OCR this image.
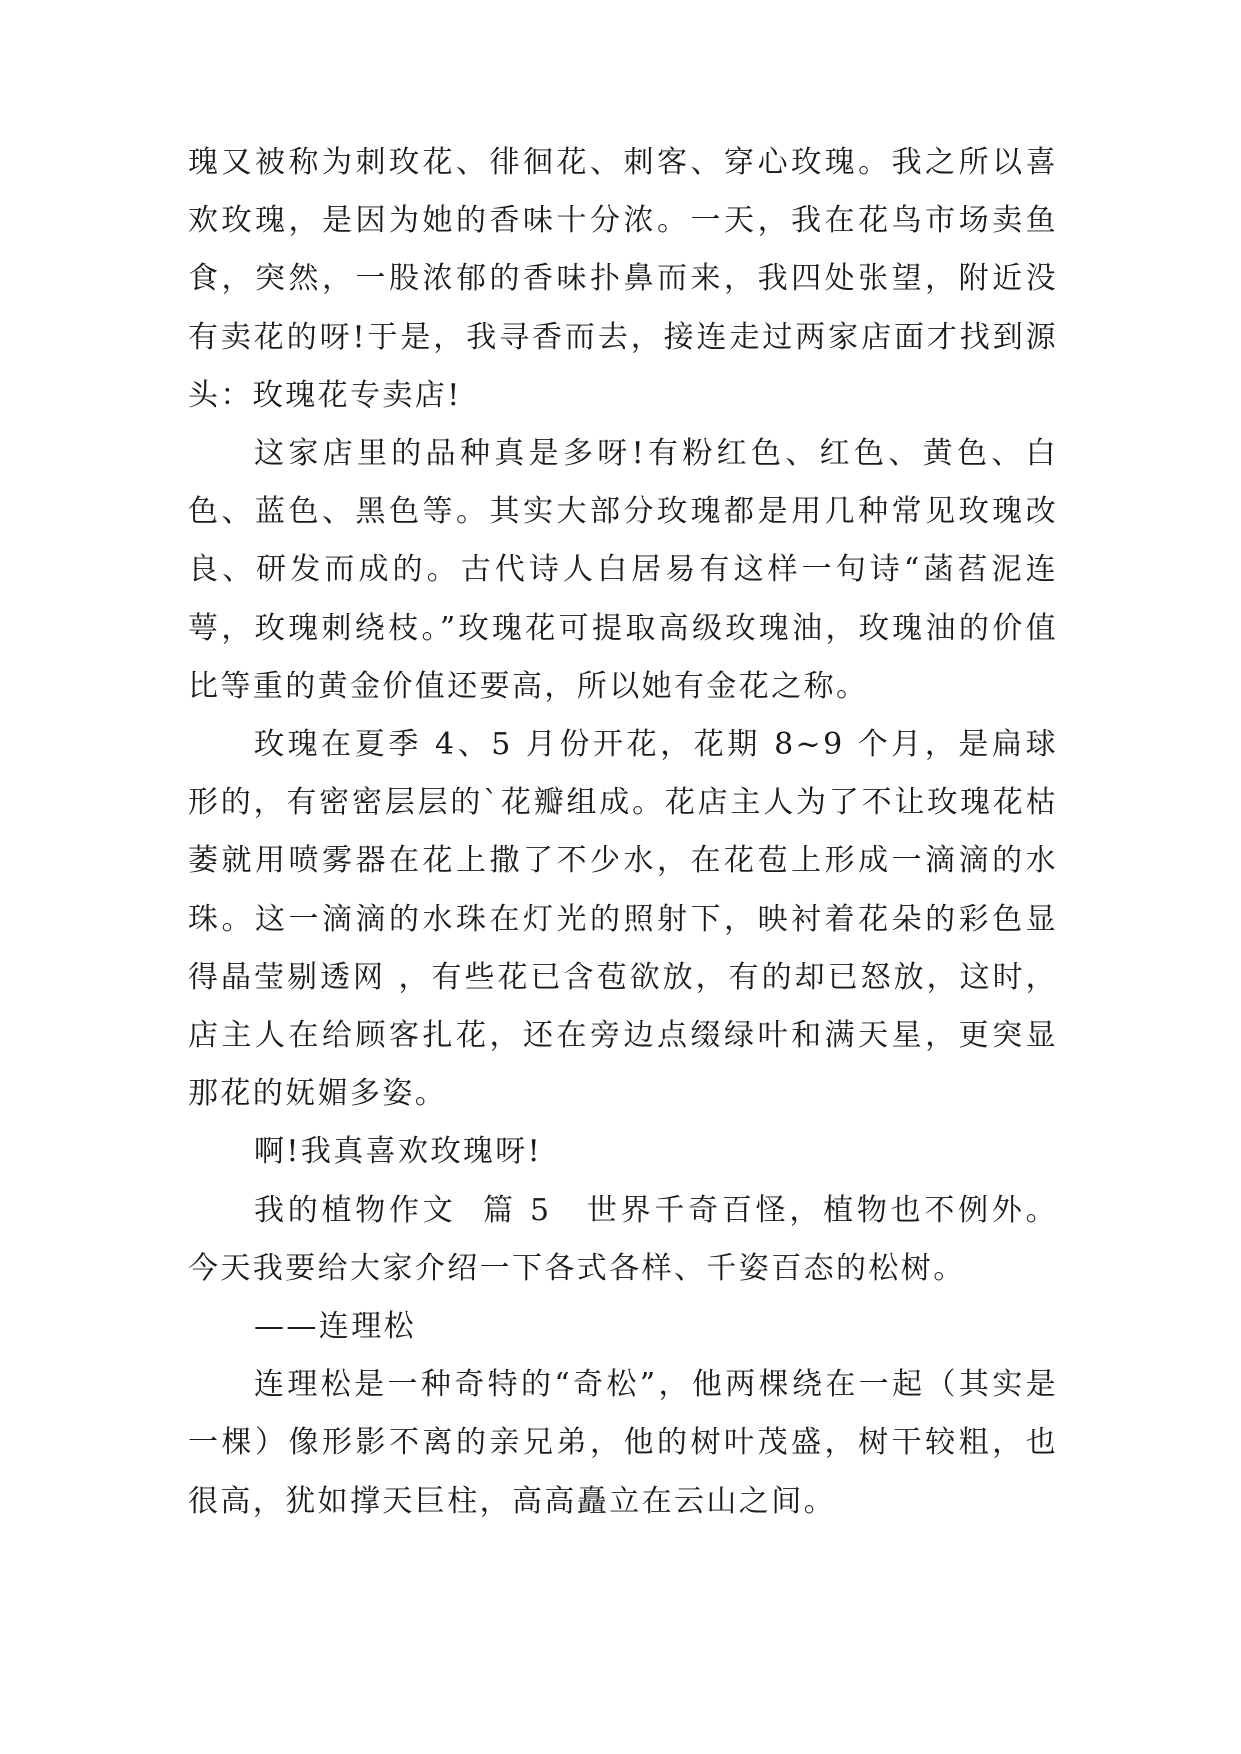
瑰又被称为刺玫花、徘徊花、刺客、穿心玫瑰。我之所以喜欢玫瑰，是因为她的香味十分浓。一天，我在花鸟市场卖鱼食，突然，一股浓郁的香味扑鼻而来，我四处张望，附近没有卖花的呀!于是，我寻香而去，接连走过两家店面才找到源头：玫瑰花专卖店!

这家店里的品种真是多呀!有粉红色、红色、黄色、白色、蓝色、黑色等。其实大部分玫瑰都是用几种常见玫瑰改良、研发而成的。古代诗人白居易有这样一句诗“菡萏泥连萼，玫瑰刺绕枝。”玫瑰花可提取高级玫瑰油，玫瑰油的价值比等重的黄金价值还要高，所以她有金花之称。

玫瑰在夏季 4、5 月份开花，花期 8~9 个月，是扁球形的，有密密层层的`花瓣组成。花店主人为了不让玫瑰花枯萎就用喷雾器在花上撒了不少水，在花苞上形成一滴滴的水珠。这一滴滴的水珠在灯光的照射下，映衬着花朵的彩色显得晶莹剔透网 ，有些花已含苞欲放，有的却已怒放，这时，店主人在给顾客扎花，还在旁边点缀绿叶和满天星，更突显那花的妩媚多姿。

啊!我真喜欢玫瑰呀!

我的植物作文  篇 5 世界千奇百怪，植物也不例外。今天我要给大家介绍一下各式各样、千姿百态的松树。

——连理松

连理松是一种奇特的“奇松”，他两棵绕在一起（其实是一棵）像形影不离的亲兄弟，他的树叶茂盛，树干较粗，也很高，犹如撑天巨柱，高高矗立在云山之间。
